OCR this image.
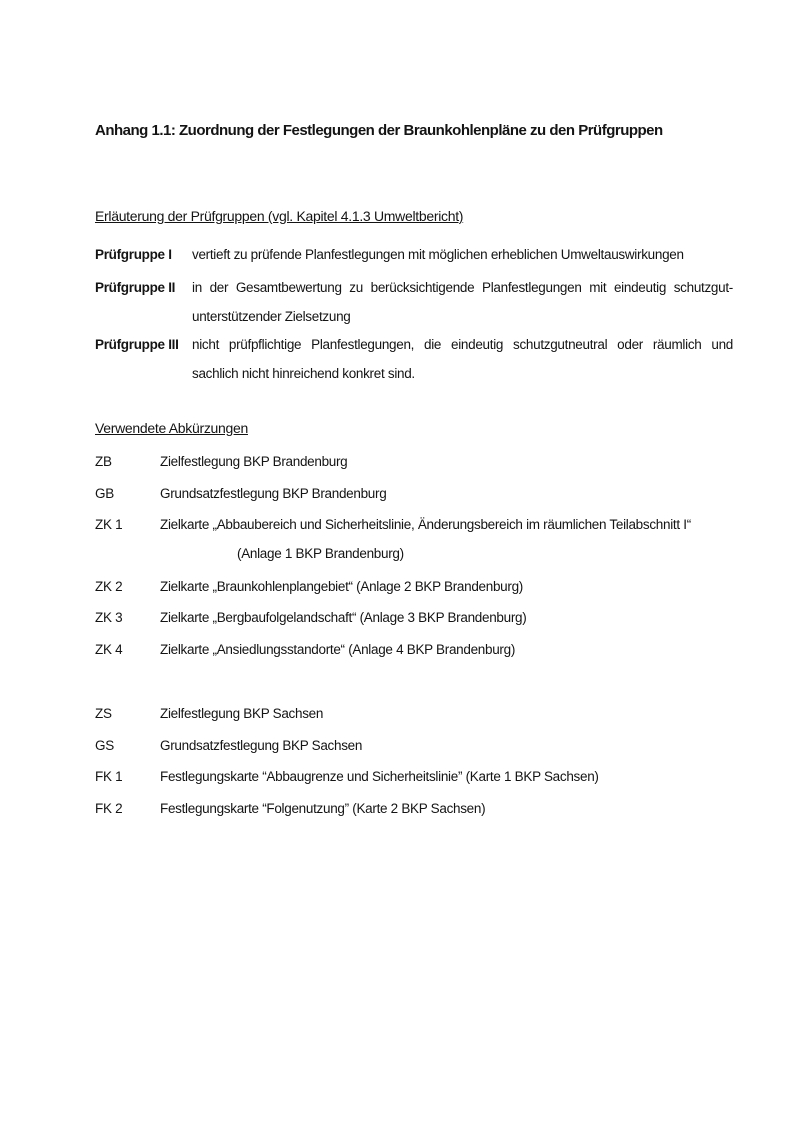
Anhang 1.1: Zuordnung der Festlegungen der Braunkohlenpläne zu den Prüfgruppen
Erläuterung der Prüfgruppen (vgl. Kapitel 4.1.3 Umweltbericht)
Prüfgruppe I	vertieft zu prüfende Planfestlegungen mit möglichen erheblichen Umweltauswirkungen
Prüfgruppe II	in der Gesamtbewertung zu berücksichtigende Planfestlegungen mit eindeutig schutzgut-
unterstützender Zielsetzung
Prüfgruppe III nicht prüfpflichtige Planfestlegungen, die eindeutig schutzgutneutral oder räumlich und
sachlich nicht hinreichend konkret sind.
Verwendete Abkürzungen
ZB	Zielfestlegung BKP Brandenburg
GB	Grundsatzfestlegung BKP Brandenburg
ZK 1	Zielkarte „Abbaubereich und Sicherheitslinie, Änderungsbereich im räumlichen Teilabschnitt I“
(Anlage 1 BKP Brandenburg)
ZK 2	Zielkarte „Braunkohlenplangebiet“ (Anlage 2 BKP Brandenburg)
ZK 3	Zielkarte „Bergbaufolgelandschaft“ (Anlage 3 BKP Brandenburg)
ZK 4	Zielkarte „Ansiedlungsstandorte“ (Anlage 4 BKP Brandenburg)
ZS	Zielfestlegung BKP Sachsen
GS	Grundsatzfestlegung BKP Sachsen
FK 1	Festlegungskarte “Abbaugrenze und Sicherheitslinie” (Karte 1 BKP Sachsen)
FK 2	Festlegungskarte “Folgenutzung” (Karte 2 BKP Sachsen)
